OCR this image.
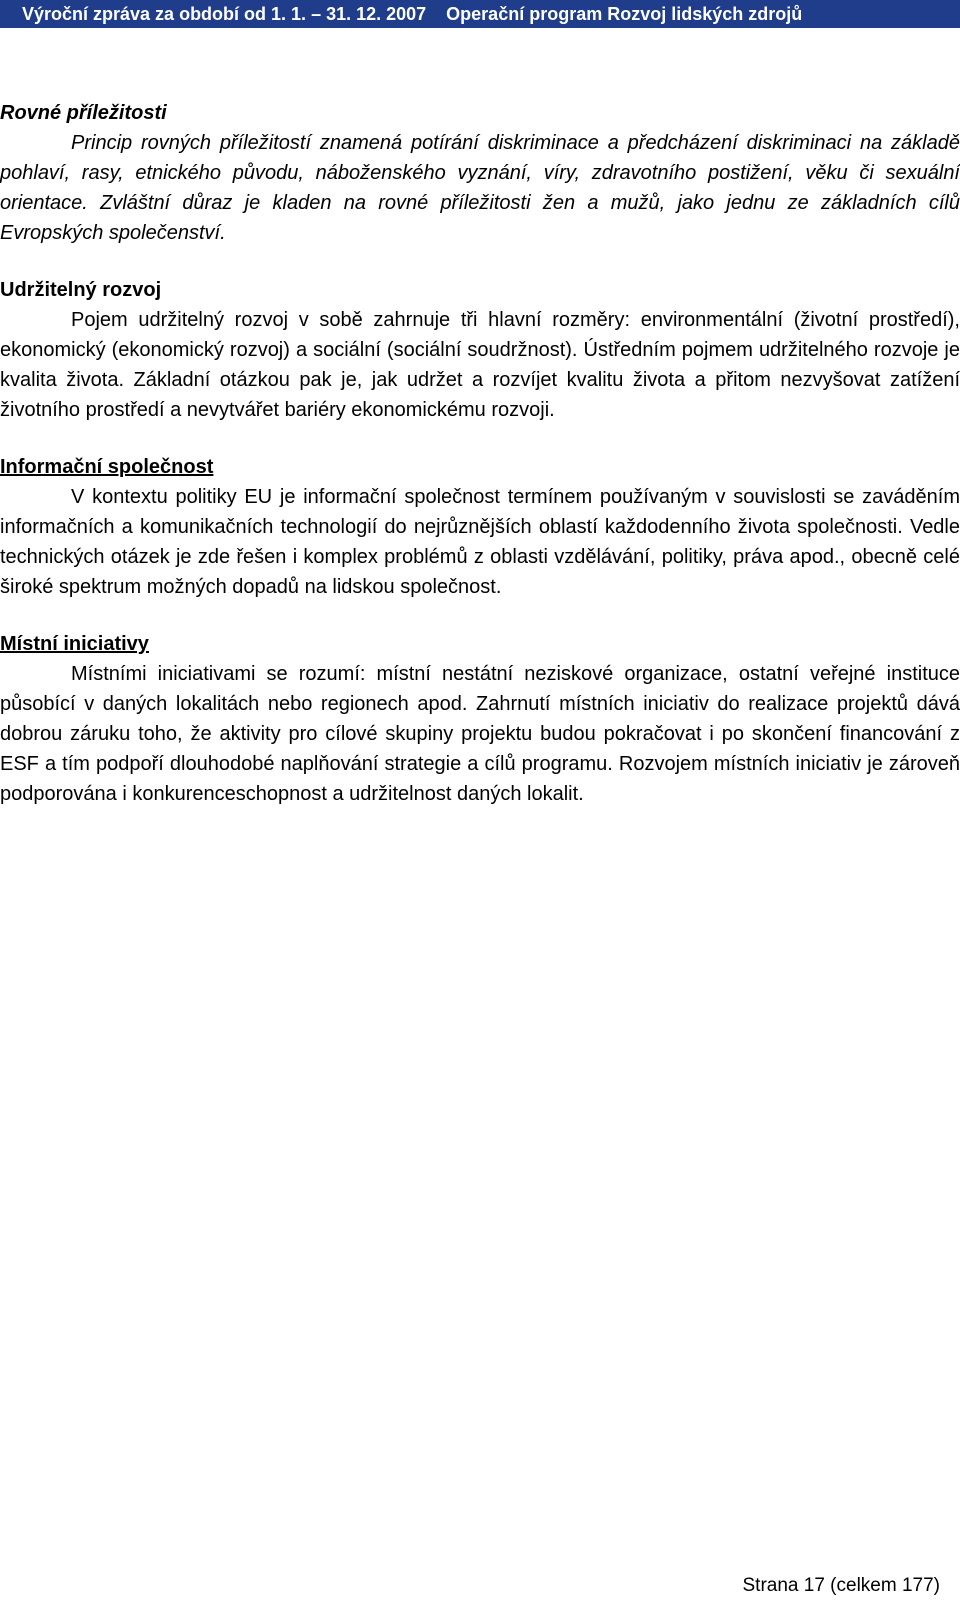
Výroční zpráva za období od 1. 1. – 31. 12. 2007 Operační program Rozvoj lidských zdrojů

Rovné příležitosti

Princip rovných příležitostí znamená potírání diskriminace a předcházení diskriminaci na základě pohlaví, rasy, etnického původu, náboženského vyznání, víry, zdravotního postižení, věku či sexuální orientace. Zvláštní důraz je kladen na rovné příležitosti žen a mužů, jako jednu ze základních cílů Evropských společenství.

Udržitelný rozvoj

Pojem udržitelný rozvoj v sobě zahrnuje tři hlavní rozměry: environmentální (životní prostředí), ekonomický (ekonomický rozvoj) a sociální (sociální soudržnost). Ústředním pojmem udržitelného rozvoje je kvalita života. Základní otázkou pak je, jak udržet a rozvíjet kvalitu života a přitom nezvyšovat zatížení životního prostředí a nevytvářet bariéry ekonomickému rozvoji.

Informační společnost

V kontextu politiky EU je informační společnost termínem používaným v souvislosti se zaváděním informačních a komunikačních technologií do nejrůznějších oblastí každodenního života společnosti. Vedle technických otázek je zde řešen i komplex problémů z oblasti vzdělávání, politiky, práva apod., obecně celé široké spektrum možných dopadů na lidskou společnost.

Místní iniciativy

Místními iniciativami se rozumí: místní nestátní neziskové organizace, ostatní veřejné instituce působící v daných lokalitách nebo regionech apod. Zahrnutí místních iniciativ do realizace projektů dává dobrou záruku toho, že aktivity pro cílové skupiny projektu budou pokračovat i po skončení financování z ESF a tím podpoří dlouhodobé naplňování strategie a cílů programu. Rozvojem místních iniciativ je zároveň podporována i konkurenceschopnost a udržitelnost daných lokalit.

Strana 17 (celkem 177)
